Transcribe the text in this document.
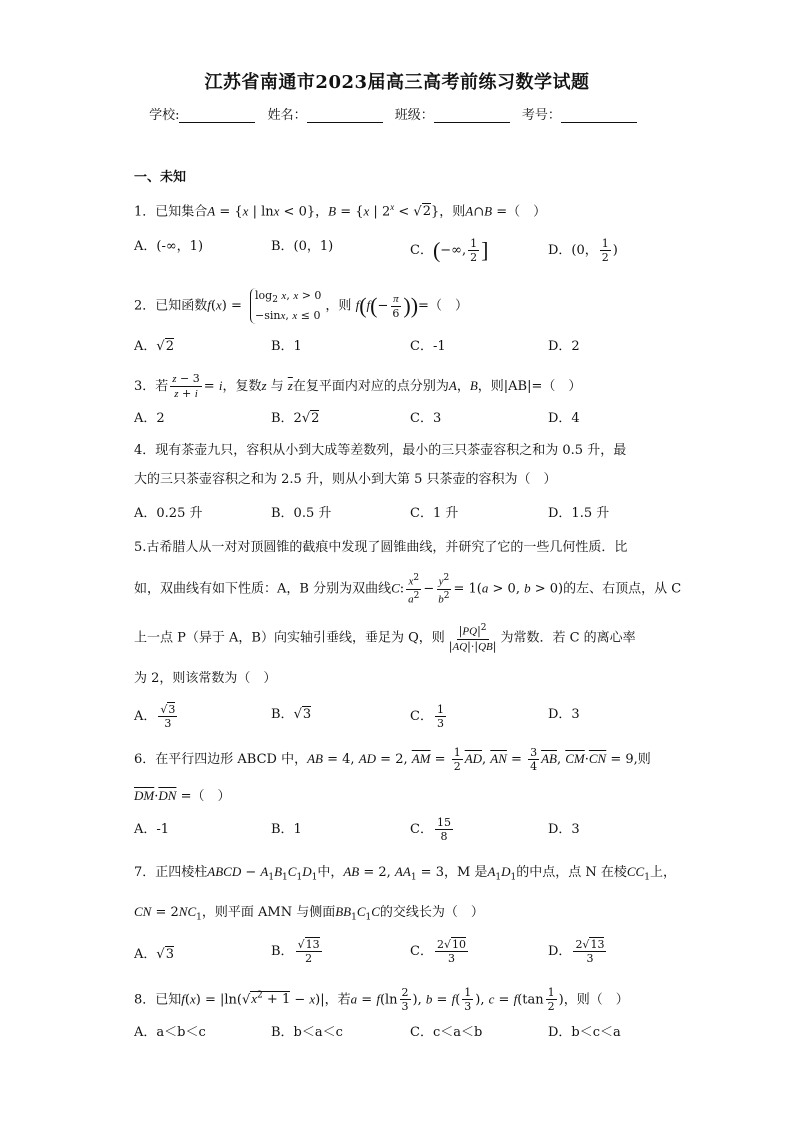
江苏省南通市2023届高三高考前练习数学试题
学校:	姓名：	班级：	考号：
一、未知
1．已知集合A = {x | lnx < 0}，B = {x | $2^x < √2$}，则A∩B =（　）
A．(-∞，1)	B．(0，1)	C．(−∞, $\frac{1}{2}$ ]	D．(0， $\frac{1}{2}$ )
2．已知函数$f(x) = \log_2 x$, x > 0
−sinx, x ≤ 0，则 $f(f(- \frac{\pi}{6}$ ))=（　）
A．√2	B．1	C．-1	D．2
3．若 $\frac{z - 3}{z + i} = i$，复数z 与 $\overline{z}$在复平面内对应的点分别为A，B，则|AB|=（　）
A．2	B．2√2	C．3	D．4
4．现有茶壶九只，容积从小到大成等差数列，最小的三只茶壶容积之和为 0.5 升，最
大的三只茶壶容积之和为 2.5 升，则从小到大第 5 只茶壶的容积为（　）
A．0.25 升	B．0.5 升	C．1 升	D．1.5 升
5.古希腊人从一对对顶圆锥的截痕中发现了圆锥曲线，并研究了它的一些几何性质．比
如，双曲线有如下性质：A，B 分别为双曲线C: $\frac{x^2}{a^2} - \frac{y^2}{b^2} = 1(a > 0$, b > 0)的左、右顶点，从 C
上一点 P（异于 A，B）向实轴引垂线，垂足为 Q，则 $\frac{|PQ|^2}{|AQ|\cdot|QB|}$ 为常数．若 C 的离心率
为 2，则该常数为（　）
A． $\frac{√3}{3}$	B．√3	C． $\frac{1}{3}$	D．3
6．在平行四边形 ABCD 中，AB = 4, AD = 2, $\overline{AM} = \frac{1}{2} \overline{AD}$, $\overline{AN} = \frac{3}{4} \overline{AB}$, $\overline{CM}\cdot\overline{CN} = 9$,则
$\overline{DM}\cdot\overline{DN}$ =（　）
A．-1	B．1	C． $\frac{15}{8}$	D．3
7．正四棱柱ABCD − $A_1B_1C_1D_1$中，AB = 2, $AA_1 = 3$，M 是$A_1D_1$的中点，点 N 在棱$CC_1$上，
CN = $2NC_1$，则平面 AMN 与侧面$BB_1C_1C$的交线长为（　）
A．√3	B． $\frac{√13}{2}$	C． $\frac{2√10}{3}$	D． $\frac{2√13}{3}$
8．已知$f(x) = |\ln(√x^2 + 1 - x)|$，若$a = f(\ln \frac{2}{3}$ ), $b = f( \frac{1}{3}$ ), $c = f(\tan \frac{1}{2}$ )，则（　）
A．a＜b＜c	B．b＜a＜c	C．c＜a＜b	D．b＜c＜a
